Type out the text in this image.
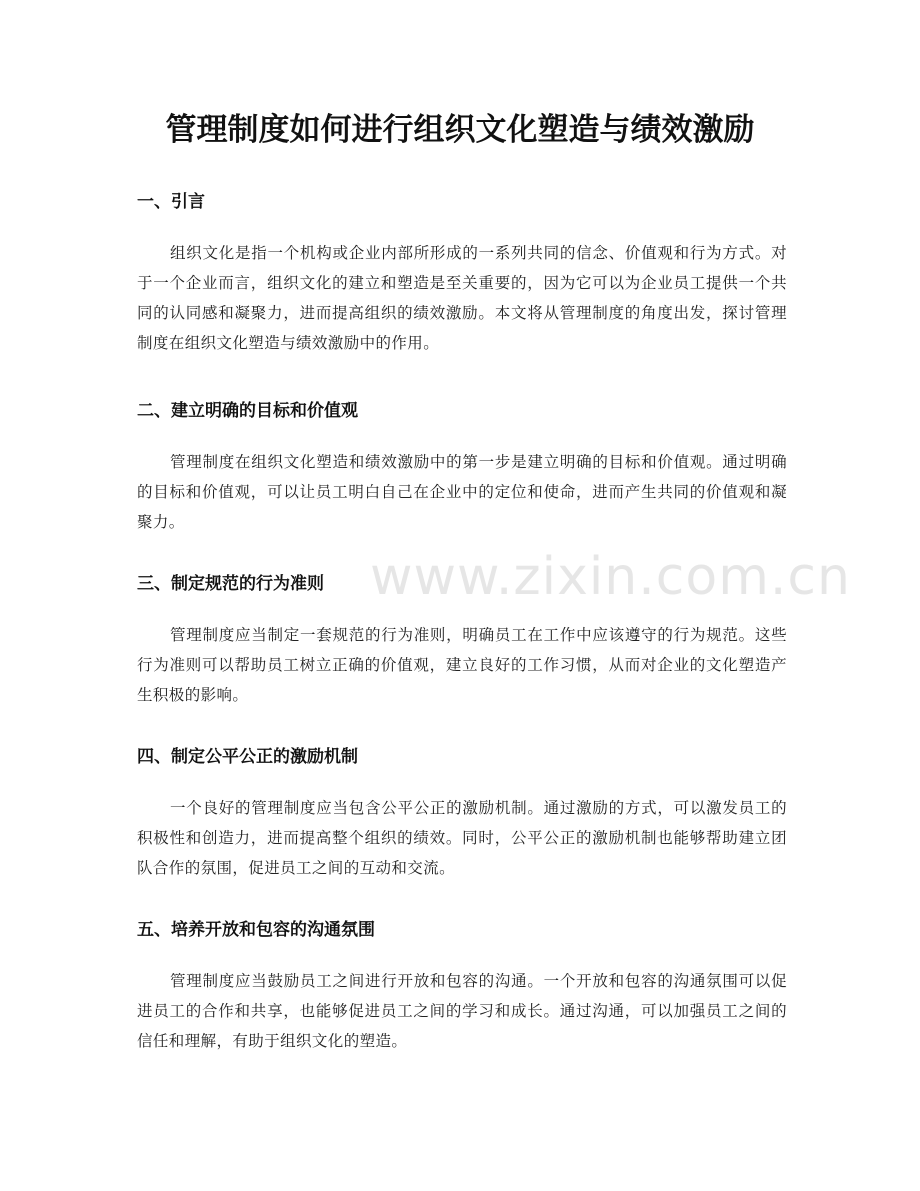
www.zixin.com.cn
管理制度如何进行组织文化塑造与绩效激励
一、引言

组织文化是指一个机构或企业内部所形成的一系列共同的信念、价值观和行为方式。对于一个企业而言，组织文化的建立和塑造是至关重要的，因为它可以为企业员工提供一个共同的认同感和凝聚力，进而提高组织的绩效激励。本文将从管理制度的角度出发，探讨管理制度在组织文化塑造与绩效激励中的作用。

二、建立明确的目标和价值观

管理制度在组织文化塑造和绩效激励中的第一步是建立明确的目标和价值观。通过明确的目标和价值观，可以让员工明白自己在企业中的定位和使命，进而产生共同的价值观和凝聚力。

三、制定规范的行为准则

管理制度应当制定一套规范的行为准则，明确员工在工作中应该遵守的行为规范。这些行为准则可以帮助员工树立正确的价值观，建立良好的工作习惯，从而对企业的文化塑造产生积极的影响。

四、制定公平公正的激励机制

一个良好的管理制度应当包含公平公正的激励机制。通过激励的方式，可以激发员工的积极性和创造力，进而提高整个组织的绩效。同时，公平公正的激励机制也能够帮助建立团队合作的氛围，促进员工之间的互动和交流。

五、培养开放和包容的沟通氛围

管理制度应当鼓励员工之间进行开放和包容的沟通。一个开放和包容的沟通氛围可以促进员工的合作和共享，也能够促进员工之间的学习和成长。通过沟通，可以加强员工之间的信任和理解，有助于组织文化的塑造。
